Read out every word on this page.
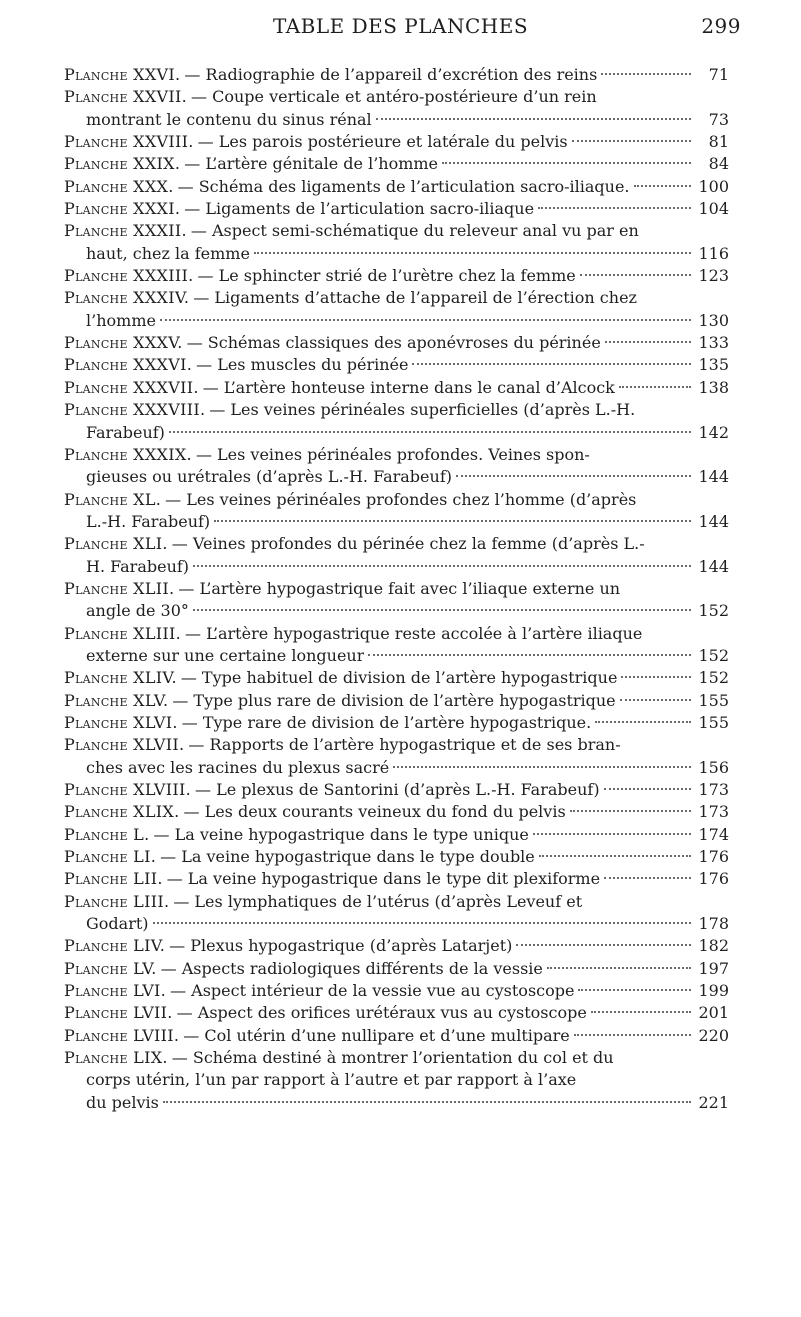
TABLE DES PLANCHES	299
Planche XXVI. — Radiographie de l’appareil d’excrétion des reins	71
Planche XXVII. — Coupe verticale et antéro-postérieure d’un rein
montrant le contenu du sinus rénal	73
Planche XXVIII. — Les parois postérieure et latérale du pelvis	81
Planche XXIX. — L’artère génitale de l’homme	84
Planche XXX. — Schéma des ligaments de l’articulation sacro-iliaque.	100
Planche XXXI. — Ligaments de l’articulation sacro-iliaque	104
Planche XXXII. — Aspect semi-schématique du releveur anal vu par en
haut, chez la femme	116
Planche XXXIII. — Le sphincter strié de l’urètre chez la femme	123
Planche XXXIV. — Ligaments d’attache de l’appareil de l’érection chez
l’homme	130
Planche XXXV. — Schémas classiques des aponévroses du périnée	133
Planche XXXVI. — Les muscles du périnée	135
Planche XXXVII. — L’artère honteuse interne dans le canal d’Alcock	138
Planche XXXVIII. — Les veines périnéales superficielles (d’après L.-H.
Farabeuf)	142
Planche XXXIX. — Les veines périnéales profondes. Veines spon-
gieuses ou urétrales (d’après L.-H. Farabeuf)	144
Planche XL. — Les veines périnéales profondes chez l’homme (d’après
L.-H. Farabeuf)	144
Planche XLI. — Veines profondes du périnée chez la femme (d’après L.-
H. Farabeuf)	144
Planche XLII. — L’artère hypogastrique fait avec l’iliaque externe un
angle de 30°	152
Planche XLIII. — L’artère hypogastrique reste accolée à l’artère iliaque
externe sur une certaine longueur	152
Planche XLIV. — Type habituel de division de l’artère hypogastrique	152
Planche XLV. — Type plus rare de division de l’artère hypogastrique	155
Planche XLVI. — Type rare de division de l’artère hypogastrique.	155
Planche XLVII. — Rapports de l’artère hypogastrique et de ses bran-
ches avec les racines du plexus sacré	156
Planche XLVIII. — Le plexus de Santorini (d’après L.-H. Farabeuf)	173
Planche XLIX. — Les deux courants veineux du fond du pelvis	173
Planche L. — La veine hypogastrique dans le type unique	174
Planche LI. — La veine hypogastrique dans le type double	176
Planche LII. — La veine hypogastrique dans le type dit plexiforme	176
Planche LIII. — Les lymphatiques de l’utérus (d’après Leveuf et
Godart)	178
Planche LIV. — Plexus hypogastrique (d’après Latarjet)	182
Planche LV. — Aspects radiologiques différents de la vessie	197
Planche LVI. — Aspect intérieur de la vessie vue au cystoscope	199
Planche LVII. — Aspect des orifices urétéraux vus au cystoscope	201
Planche LVIII. — Col utérin d’une nullipare et d’une multipare	220
Planche LIX. — Schéma destiné à montrer l’orientation du col et du
corps utérin, l’un par rapport à l’autre et par rapport à l’axe
du pelvis	221
